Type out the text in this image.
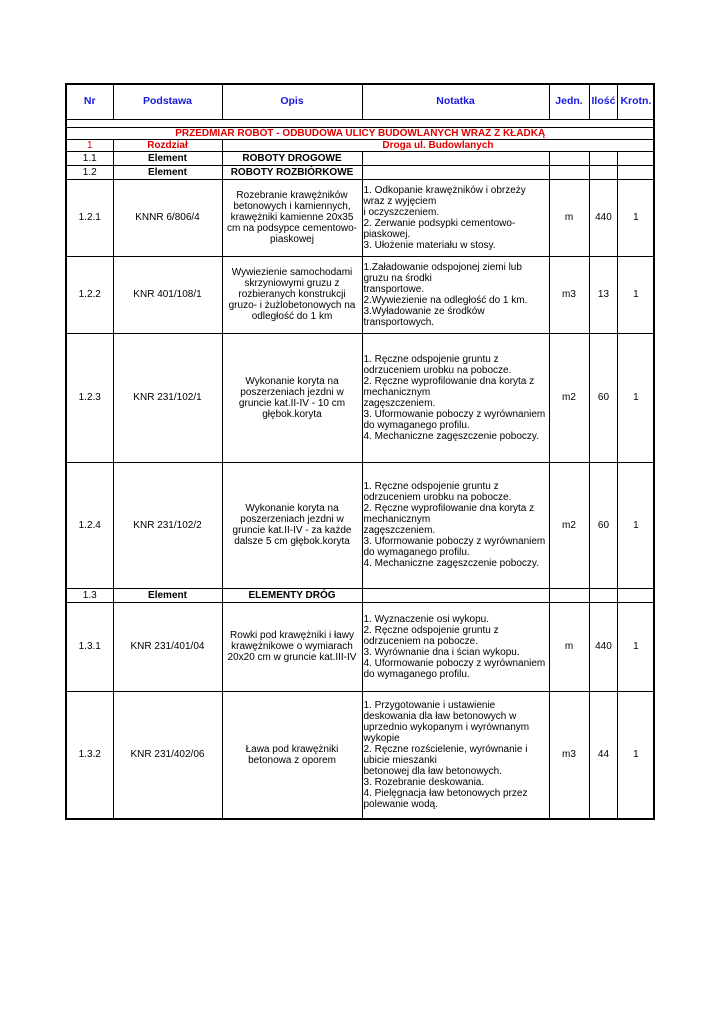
Nr	Podstawa	Opis	Notatka	Jedn.	Ilość	Krotn.

PRZEDMIAR ROBÓT - ODBUDOWA ULICY BUDOWLANYCH WRAZ Z KŁADKĄ						
1	Rozdział	Droga ul. Budowlanych				
1.1	Element	ROBOTY DROGOWE				
1.2	Element	ROBOTY ROZBIÓRKOWE				
1.2.1	KNNR 6/806/4	Rozebranie krawężników betonowych i kamiennych, krawężniki kamienne 20x35 cm na podsypce cementowo-piaskowej	1. Odkopanie krawężników i obrzeży wraz z wyjęciem
i oczyszczeniem.
2. Zerwanie podsypki cementowo-piaskowej.
3. Ułożenie materiału w stosy.	m	440	1
1.2.2	KNR 401/108/1	Wywiezienie samochodami skrzyniowymi gruzu z rozbieranych konstrukcji gruzo- i żużlobetonowych na odległość do 1 km	1.Załadowanie odspojonej ziemi lub gruzu na środki
transportowe.
2.Wywiezienie na odległość do 1 km.
3.Wyładowanie ze środków transportowych.	m3	13	1
1.2.3	KNR 231/102/1	Wykonanie koryta na poszerzeniach jezdni w gruncie kat.II-IV - 10 cm głębok.koryta	1. Ręczne odspojenie gruntu z odrzuceniem urobku na pobocze.
2. Ręczne wyprofilowanie dna koryta z mechanicznym
zagęszczeniem.
3. Uformowanie poboczy z wyrównaniem do wymaganego profilu.
4. Mechaniczne zagęszczenie poboczy.	m2	60	1
1.2.4	KNR 231/102/2	Wykonanie koryta na poszerzeniach jezdni w gruncie kat.II-IV - za każde dalsze 5 cm głębok.koryta	1. Ręczne odspojenie gruntu z odrzuceniem urobku na pobocze.
2. Ręczne wyprofilowanie dna koryta z mechanicznym
zagęszczeniem.
3. Uformowanie poboczy z wyrównaniem do wymaganego profilu.
4. Mechaniczne zagęszczenie poboczy.	m2	60	1
1.3	Element	ELEMENTY DRÓG				
1.3.1	KNR 231/401/04	Rowki pod krawężniki i ławy krawężnikowe o wymiarach 20x20 cm w gruncie kat.III-IV	1. Wyznaczenie osi wykopu.
2. Ręczne odspojenie gruntu z odrzuceniem na pobocze.
3. Wyrównanie dna i ścian wykopu.
4. Uformowanie poboczy z wyrównaniem do wymaganego profilu.	m	440	1
1.3.2	KNR 231/402/06	Ława pod krawężniki betonowa z oporem	1. Przygotowanie i ustawienie deskowania dla ław betonowych w uprzednio wykopanym i wyrównanym wykopie
2. Ręczne rozścielenie, wyrównanie i ubicie mieszanki
betonowej dla ław betonowych.
3. Rozebranie deskowania.
4. Pielęgnacja ław betonowych przez polewanie wodą.	m3	44	1
